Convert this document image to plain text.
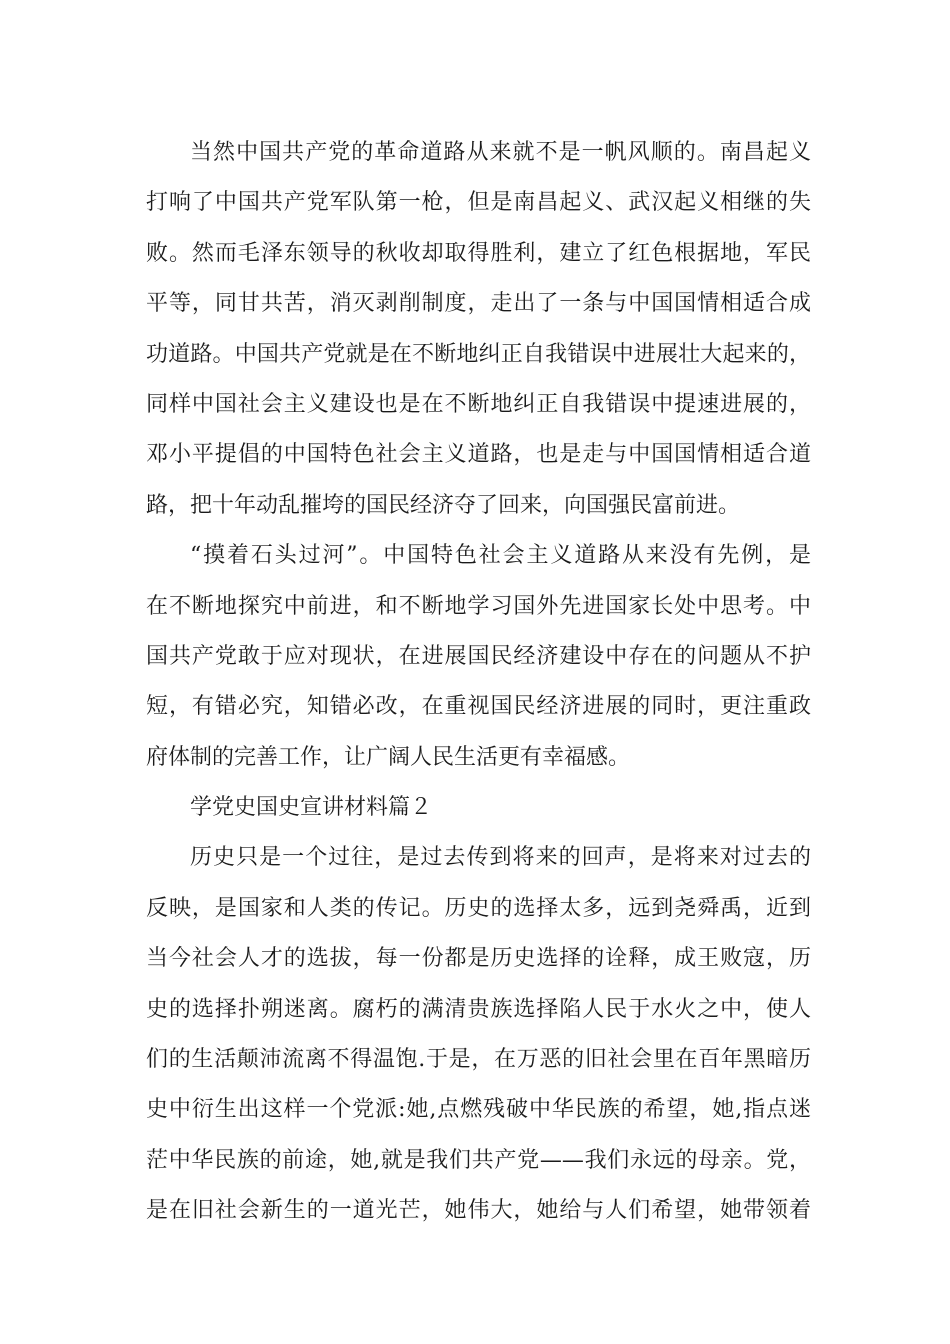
当然中国共产党的革命道路从来就不是一帆风顺的。南昌起义
打响了中国共产党军队第一枪，但是南昌起义、武汉起义相继的失
败。然而毛泽东领导的秋收却取得胜利，建立了红色根据地，军民
平等，同甘共苦，消灭剥削制度，走出了一条与中国国情相适合成
功道路。中国共产党就是在不断地纠正自我错误中进展壮大起来的，
同样中国社会主义建设也是在不断地纠正自我错误中提速进展的，
邓小平提倡的中国特色社会主义道路，也是走与中国国情相适合道
路，把十年动乱摧垮的国民经济夺了回来，向国强民富前进。
“摸着石头过河”。中国特色社会主义道路从来没有先例，是
在不断地探究中前进，和不断地学习国外先进国家长处中思考。中
国共产党敢于应对现状，在进展国民经济建设中存在的问题从不护
短，有错必究，知错必改，在重视国民经济进展的同时，更注重政
府体制的完善工作，让广阔人民生活更有幸福感。
学党史国史宣讲材料篇２
历史只是一个过往，是过去传到将来的回声，是将来对过去的
反映，是国家和人类的传记。历史的选择太多，远到尧舜禹，近到
当今社会人才的选拔，每一份都是历史选择的诠释，成王败寇，历
史的选择扑朔迷离。腐朽的满清贵族选择陷人民于水火之中，使人
们的生活颠沛流离不得温饱.于是，在万恶的旧社会里在百年黑暗历
史中衍生出这样一个党派:她,点燃残破中华民族的希望，她,指点迷
茫中华民族的前途，她,就是我们共产党——我们永远的母亲。党，
是在旧社会新生的一道光芒，她伟大，她给与人们希望，她带领着
